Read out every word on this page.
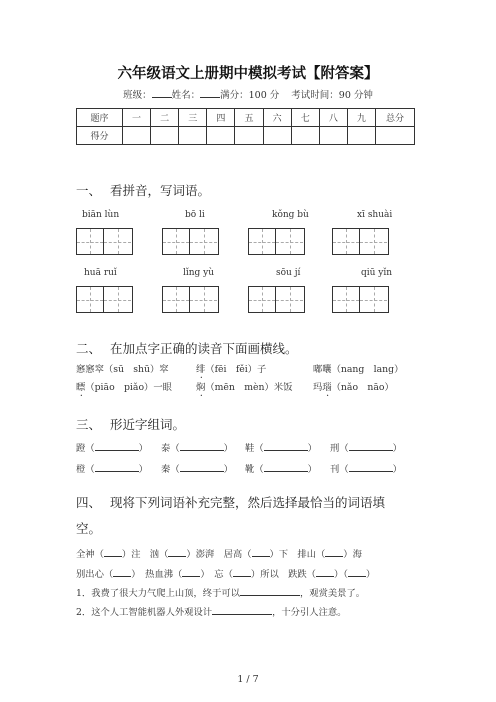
六年级语文上册期中模拟考试【附答案】
班级： 姓名： 满分：100 分 考试时间：90 分钟
题序	一	二	三	四	五	六	七	八	九	总分
得分										
一、 看拼音，写词语。
biān lùn	bō li	kǒng bù	xī shuài
huā ruǐ	lǐng yù	sōu jí	qiū yǐn
二、 在加点字正确的读音下面画横线。
窸窸窣（sū　shū）窣	绯（fēi　fěi）子	嘟囔（nang　lang）
瞟（piāo　piǎo）一眼	焖（mēn　mèn）米饭 玛瑙（nǎo　nāo）
三、 形近字组词。
蹬（	） 泰（	） 鞋（	） 刑（	）
橙（	） 秦（	） 靴（	） 刊（	）
四、 现将下列词语补充完整，然后选择最恰当的词语填
空。
全神（ ）注　汹（ ）澎湃　居高（ ）下　排山（ ）海
别出心（ ）　热血沸（ ）　忘（ ）所以　跌跌（ ）（ ）
1．我费了很大力气爬上山顶，终于可以	，观赏美景了。
2．这个人工智能机器人外观设计	，十分引人注意。
1 / 7
